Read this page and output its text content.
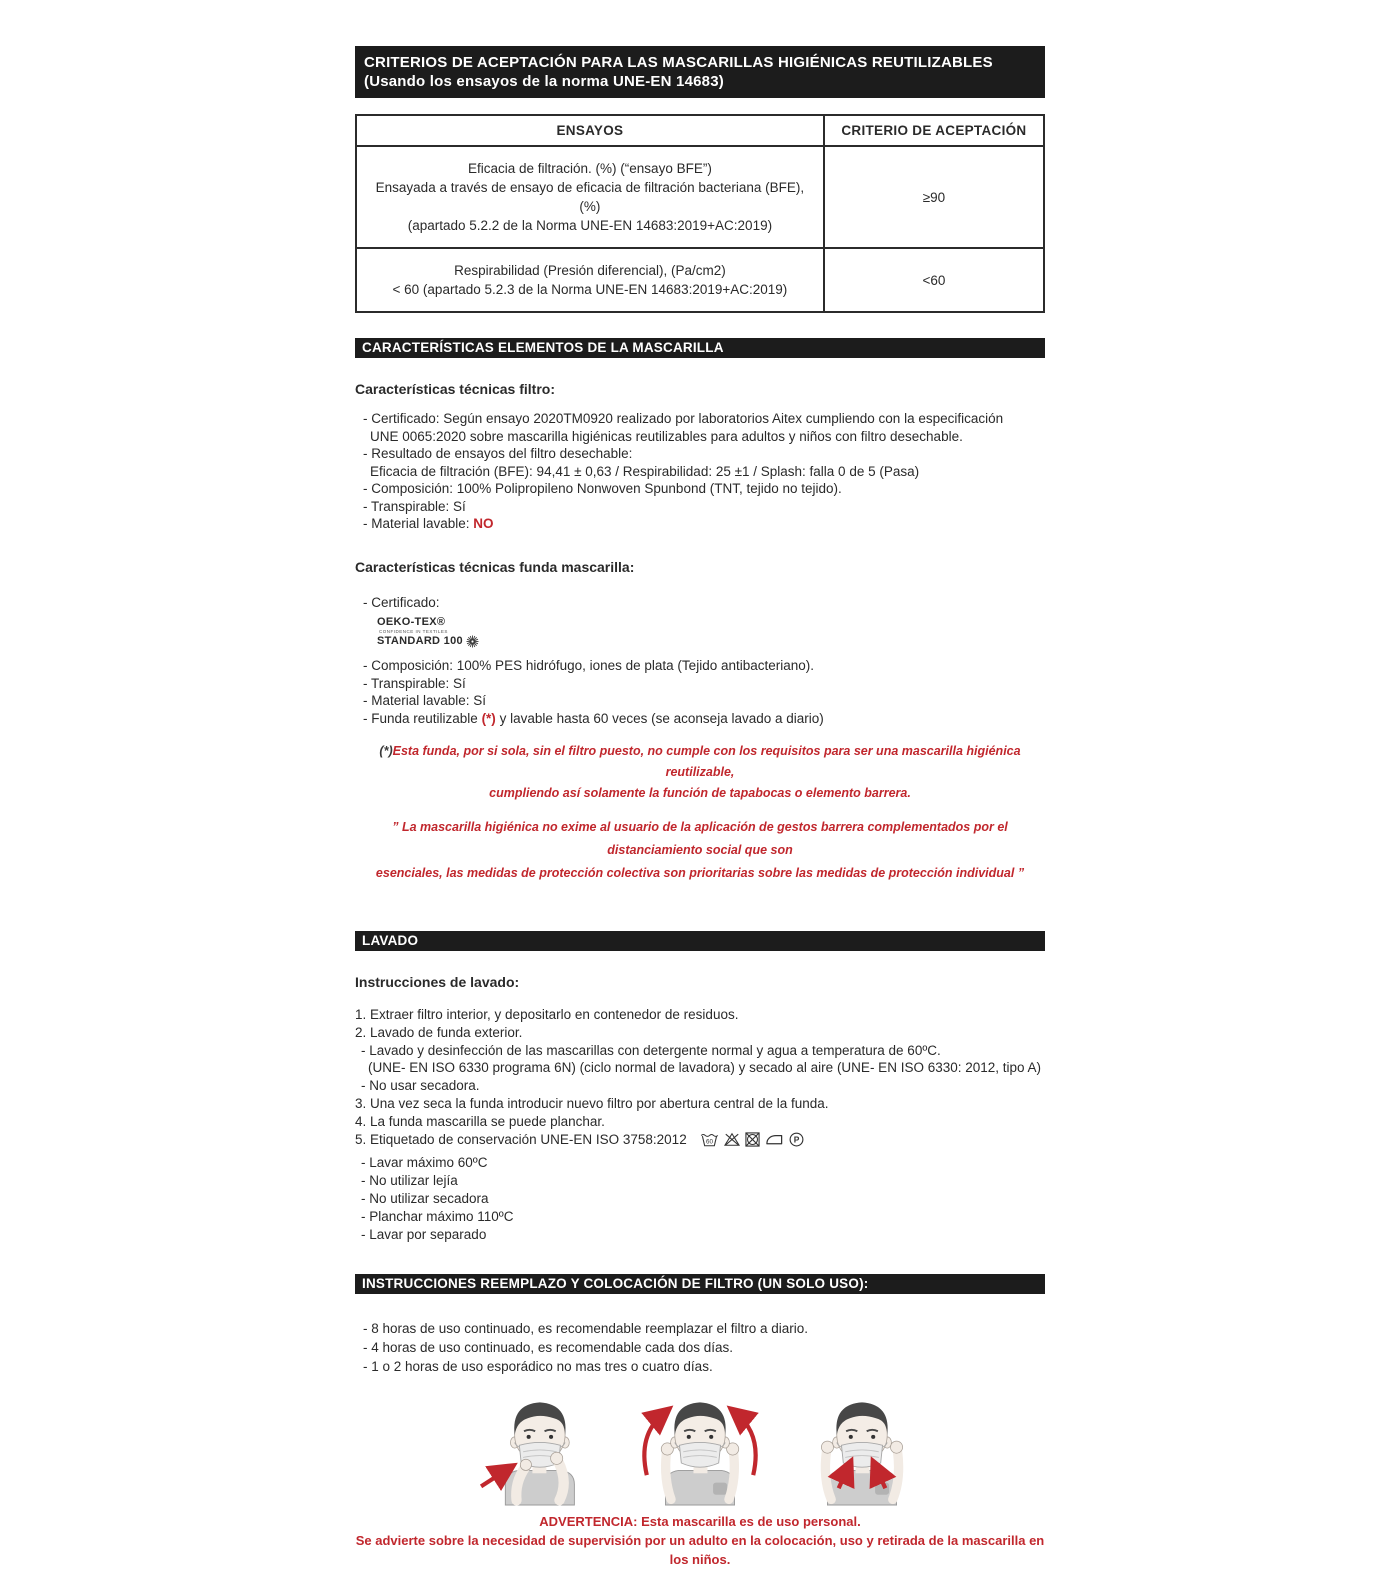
CRITERIOS DE ACEPTACIÓN PARA LAS MASCARILLAS HIGIÉNICAS REUTILIZABLES
(Usando los ensayos de la norma UNE-EN 14683)
ENSAYOS	CRITERIO DE ACEPTACIÓN

Eficacia de filtración. (%) (“ensayo BFE”)
Ensayada a través de ensayo de eficacia de filtración bacteriana (BFE), (%)
(apartado 5.2.2 de la Norma UNE-EN 14683:2019+AC:2019)	≥90

Respirabilidad (Presión diferencial), (Pa/cm2)
< 60 (apartado 5.2.3 de la Norma UNE-EN 14683:2019+AC:2019)	<60
CARACTERÍSTICAS ELEMENTOS DE LA MASCARILLA
Características técnicas filtro:
- Certificado: Según ensayo 2020TM0920 realizado por laboratorios Aitex cumpliendo con la especificación
UNE 0065:2020 sobre mascarilla higiénicas reutilizables para adultos y niños con filtro desechable.
- Resultado de ensayos del filtro desechable:
Eficacia de filtración (BFE): 94,41 ± 0,63 / Respirabilidad: 25 ±1 / Splash: falla 0 de 5 (Pasa)
- Composición: 100% Polipropileno Nonwoven Spunbond (TNT, tejido no tejido).
- Transpirable: Sí
- Material lavable: NO
Características técnicas funda mascarilla:
- Certificado:
OEKO-TEX®
CONFIDENCE IN TEXTILES
STANDARD 100
- Composición: 100% PES hidrófugo, iones de plata (Tejido antibacteriano).
- Transpirable: Sí
- Material lavable: Sí
- Funda reutilizable (*) y lavable hasta 60 veces (se aconseja lavado a diario)
(*)Esta funda, por si sola, sin el filtro puesto, no cumple con los requisitos para ser una mascarilla higiénica reutilizable,
cumpliendo así solamente la función de tapabocas o elemento barrera.
” La mascarilla higiénica no exime al usuario de la aplicación de gestos barrera complementados por el distanciamiento social que son
esenciales, las medidas de protección colectiva son prioritarias sobre las medidas de protección individual ”
LAVADO
Instrucciones de lavado:
1. Extraer filtro interior, y depositarlo en contenedor de residuos.
2. Lavado de funda exterior.
- Lavado y desinfección de las mascarillas con detergente normal y agua a temperatura de 60ºC.
(UNE- EN ISO 6330 programa 6N) (ciclo normal de lavadora) y secado al aire (UNE- EN ISO 6330: 2012, tipo A)
- No usar secadora.
3. Una vez seca la funda introducir nuevo filtro por abertura central de la funda.
4. La funda mascarilla se puede planchar.
5. Etiquetado de conservación UNE-EN ISO 3758:2012	60	P
- Lavar máximo 60ºC
- No utilizar lejía
- No utilizar secadora
- Planchar máximo 110ºC
- Lavar por separado
INSTRUCCIONES REEMPLAZO Y COLOCACIÓN DE FILTRO (UN SOLO USO):
- 8 horas de uso continuado, es recomendable reemplazar el filtro a diario.
- 4 horas de uso continuado, es recomendable cada dos días.
- 1 o 2 horas de uso esporádico no mas tres o cuatro días.
ADVERTENCIA: Esta mascarilla es de uso personal.
Se advierte sobre la necesidad de supervisión por un adulto en la colocación, uso y retirada de la mascarilla en los niños.
